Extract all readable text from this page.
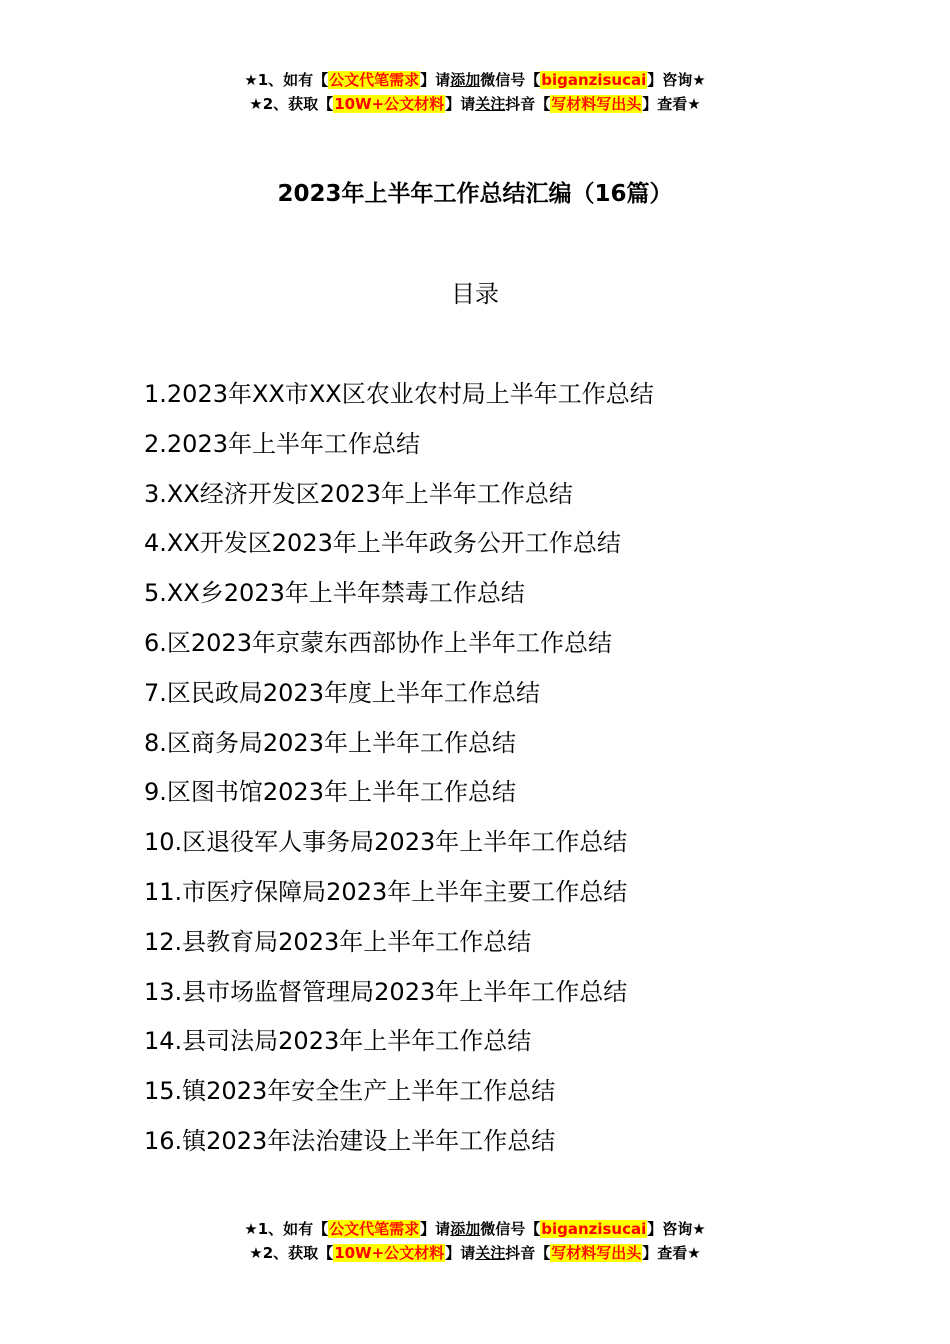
★1、如有【公文代笔需求】请添加微信号【biganzisucai】咨询★
★2、获取【10W+公文材料】请关注抖音【写材料写出头】查看★
2023年上半年工作总结汇编（16篇）
目录
1.2023年XX市XX区农业农村局上半年工作总结
2.2023年上半年工作总结
3.XX经济开发区2023年上半年工作总结
4.XX开发区2023年上半年政务公开工作总结
5.XX乡2023年上半年禁毒工作总结
6.区2023年京蒙东西部协作上半年工作总结
7.区民政局2023年度上半年工作总结
8.区商务局2023年上半年工作总结
9.区图书馆2023年上半年工作总结
10.区退役军人事务局2023年上半年工作总结
11.市医疗保障局2023年上半年主要工作总结
12.县教育局2023年上半年工作总结
13.县市场监督管理局2023年上半年工作总结
14.县司法局2023年上半年工作总结
15.镇2023年安全生产上半年工作总结
16.镇2023年法治建设上半年工作总结
★1、如有【公文代笔需求】请添加微信号【biganzisucai】咨询★
★2、获取【10W+公文材料】请关注抖音【写材料写出头】查看★
